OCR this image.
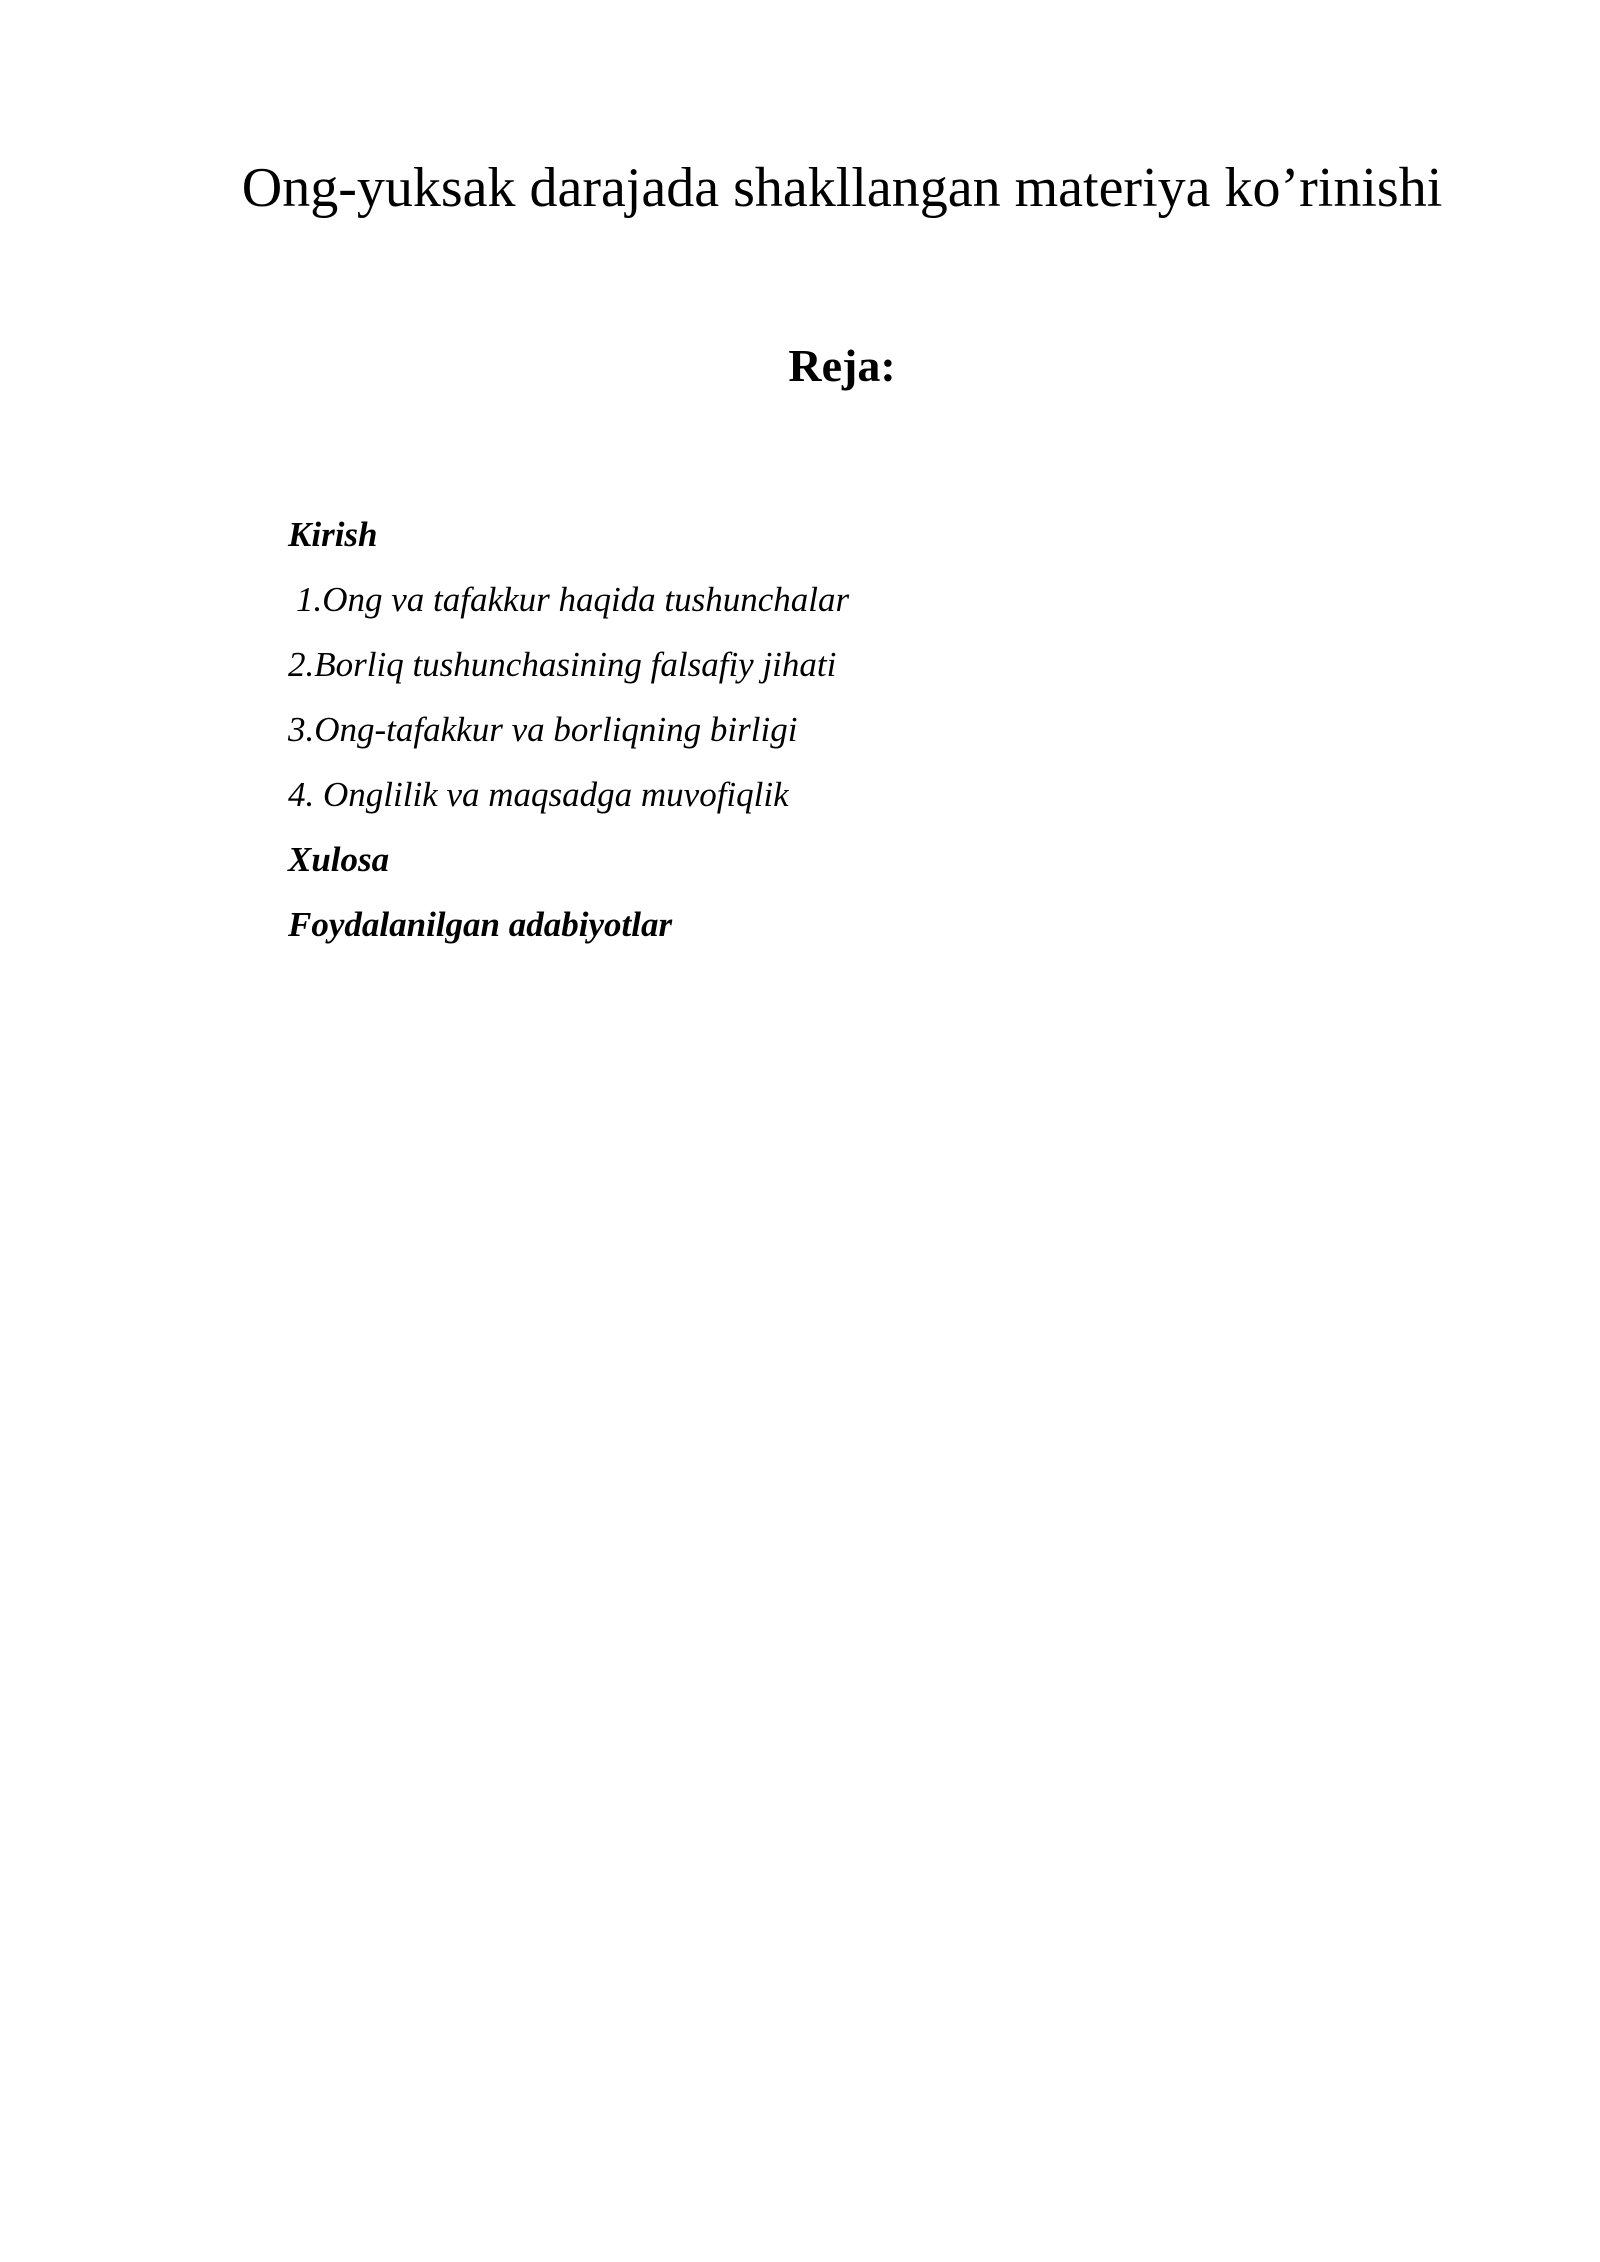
Ong-yuksak darajada shakllangan materiya ko’rinishi
Reja:
Kirish
1.Ong va tafakkur haqida tushunchalar
2.Borliq tushunchasining falsafiy jihati
3.Ong-tafakkur va borliqning birligi
4. Onglilik va maqsadga muvofiqlik
Xulosa
Foydalanilgan adabiyotlar
